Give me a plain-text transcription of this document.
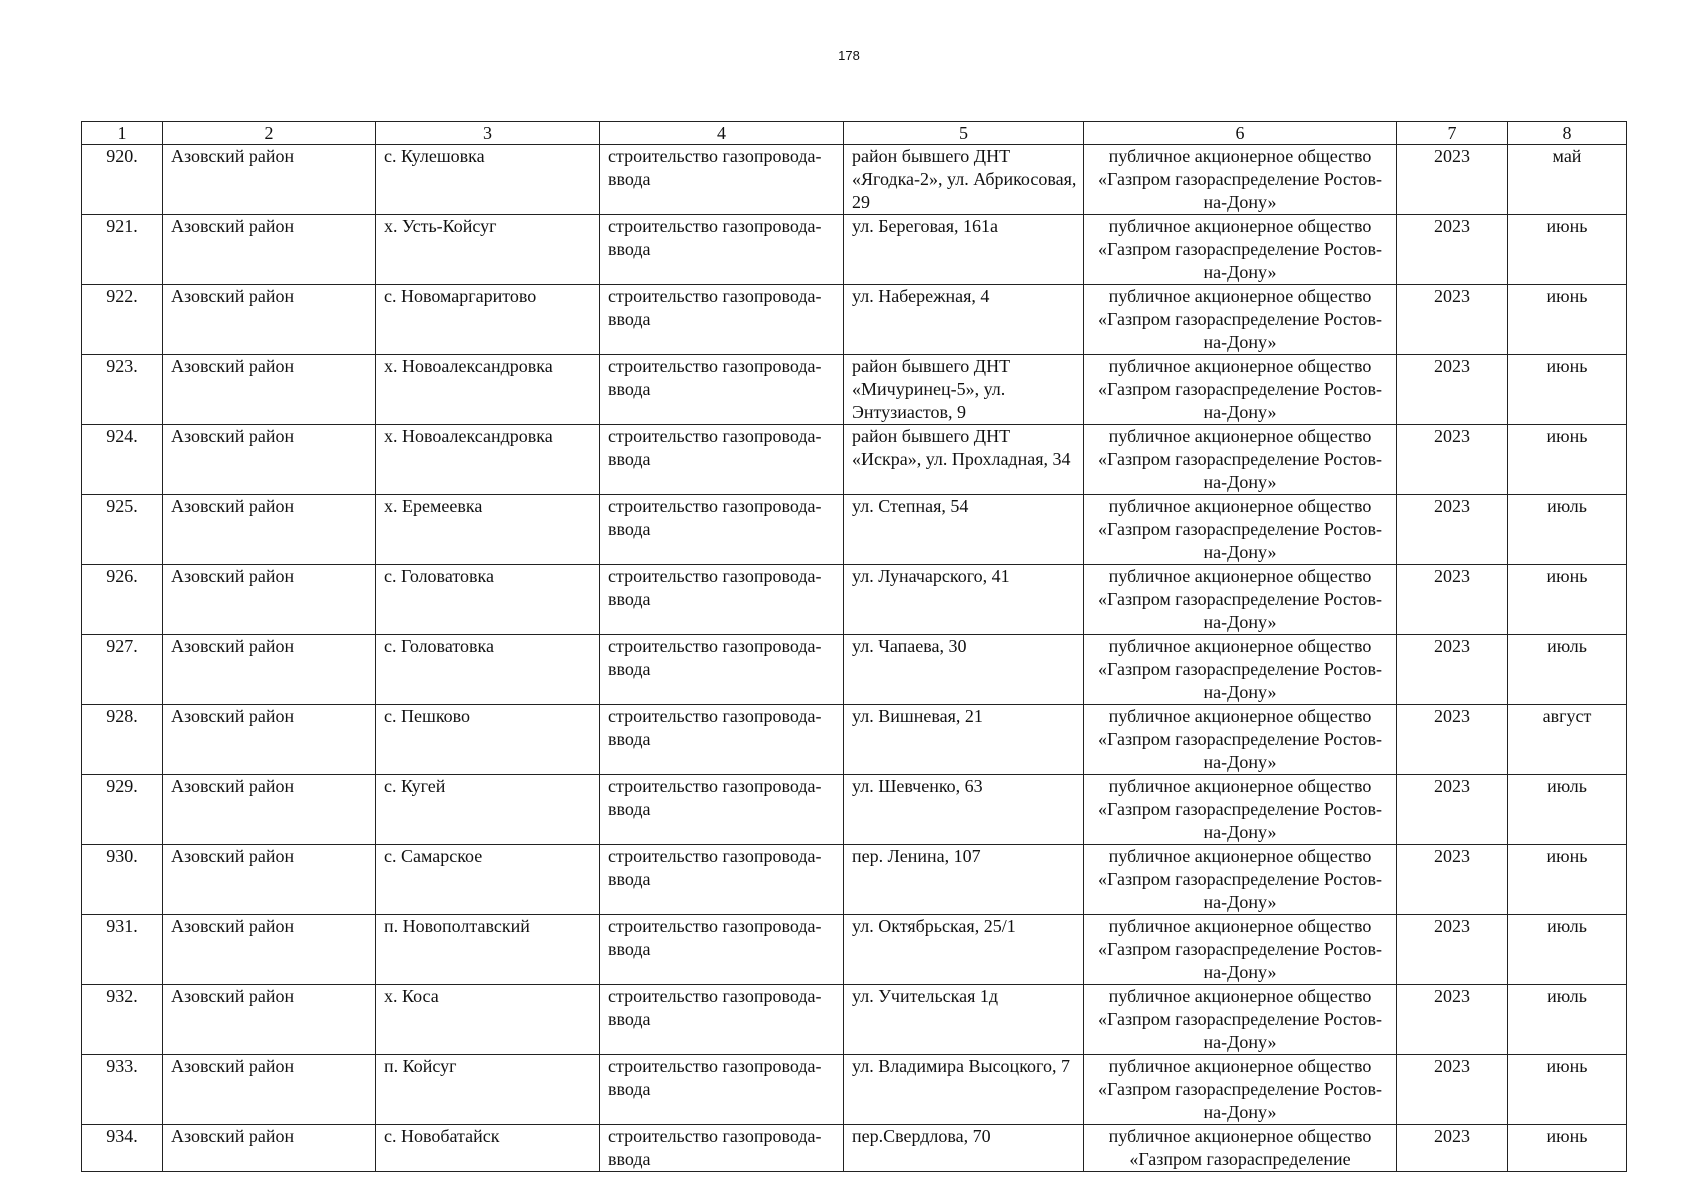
178
1	2	3	4	5	6	7	8
920.	Азовский район	с. Кулешовка	строительство газопровода-ввода	район бывшего ДНТ «Ягодка-2», ул. Абрикосовая, 29	публичное акционерное общество «Газпром газораспределение Ростов-на-Дону»	2023	май
921.	Азовский район	х. Усть-Койсуг	строительство газопровода-ввода	ул. Береговая, 161а	публичное акционерное общество «Газпром газораспределение Ростов-на-Дону»	2023	июнь
922.	Азовский район	с. Новомаргаритово	строительство газопровода-ввода	ул. Набережная, 4	публичное акционерное общество «Газпром газораспределение Ростов-на-Дону»	2023	июнь
923.	Азовский район	х. Новоалександровка	строительство газопровода-ввода	район бывшего ДНТ «Мичуринец-5», ул. Энтузиастов, 9	публичное акционерное общество «Газпром газораспределение Ростов-на-Дону»	2023	июнь
924.	Азовский район	х. Новоалександровка	строительство газопровода-ввода	район бывшего ДНТ «Искра», ул. Прохладная, 34	публичное акционерное общество «Газпром газораспределение Ростов-на-Дону»	2023	июнь
925.	Азовский район	х. Еремеевка	строительство газопровода-ввода	ул. Степная, 54	публичное акционерное общество «Газпром газораспределение Ростов-на-Дону»	2023	июль
926.	Азовский район	с. Головатовка	строительство газопровода-ввода	ул. Луначарского, 41	публичное акционерное общество «Газпром газораспределение Ростов-на-Дону»	2023	июнь
927.	Азовский район	с. Головатовка	строительство газопровода-ввода	ул. Чапаева, 30	публичное акционерное общество «Газпром газораспределение Ростов-на-Дону»	2023	июль
928.	Азовский район	с. Пешково	строительство газопровода-ввода	ул. Вишневая, 21	публичное акционерное общество «Газпром газораспределение Ростов-на-Дону»	2023	август
929.	Азовский район	с. Кугей	строительство газопровода-ввода	ул. Шевченко, 63	публичное акционерное общество «Газпром газораспределение Ростов-на-Дону»	2023	июль
930.	Азовский район	с. Самарское	строительство газопровода-ввода	пер. Ленина, 107	публичное акционерное общество «Газпром газораспределение Ростов-на-Дону»	2023	июнь
931.	Азовский район	п. Новополтавский	строительство газопровода-ввода	ул. Октябрьская, 25/1	публичное акционерное общество «Газпром газораспределение Ростов-на-Дону»	2023	июль
932.	Азовский район	х. Коса	строительство газопровода-ввода	ул. Учительская 1д	публичное акционерное общество «Газпром газораспределение Ростов-на-Дону»	2023	июль
933.	Азовский район	п. Койсуг	строительство газопровода-ввода	ул. Владимира Высоцкого, 7	публичное акционерное общество «Газпром газораспределение Ростов-на-Дону»	2023	июнь
934.	Азовский район	с. Новобатайск	строительство газопровода-ввода	пер.Свердлова, 70	публичное акционерное общество «Газпром газораспределение	2023	июнь
